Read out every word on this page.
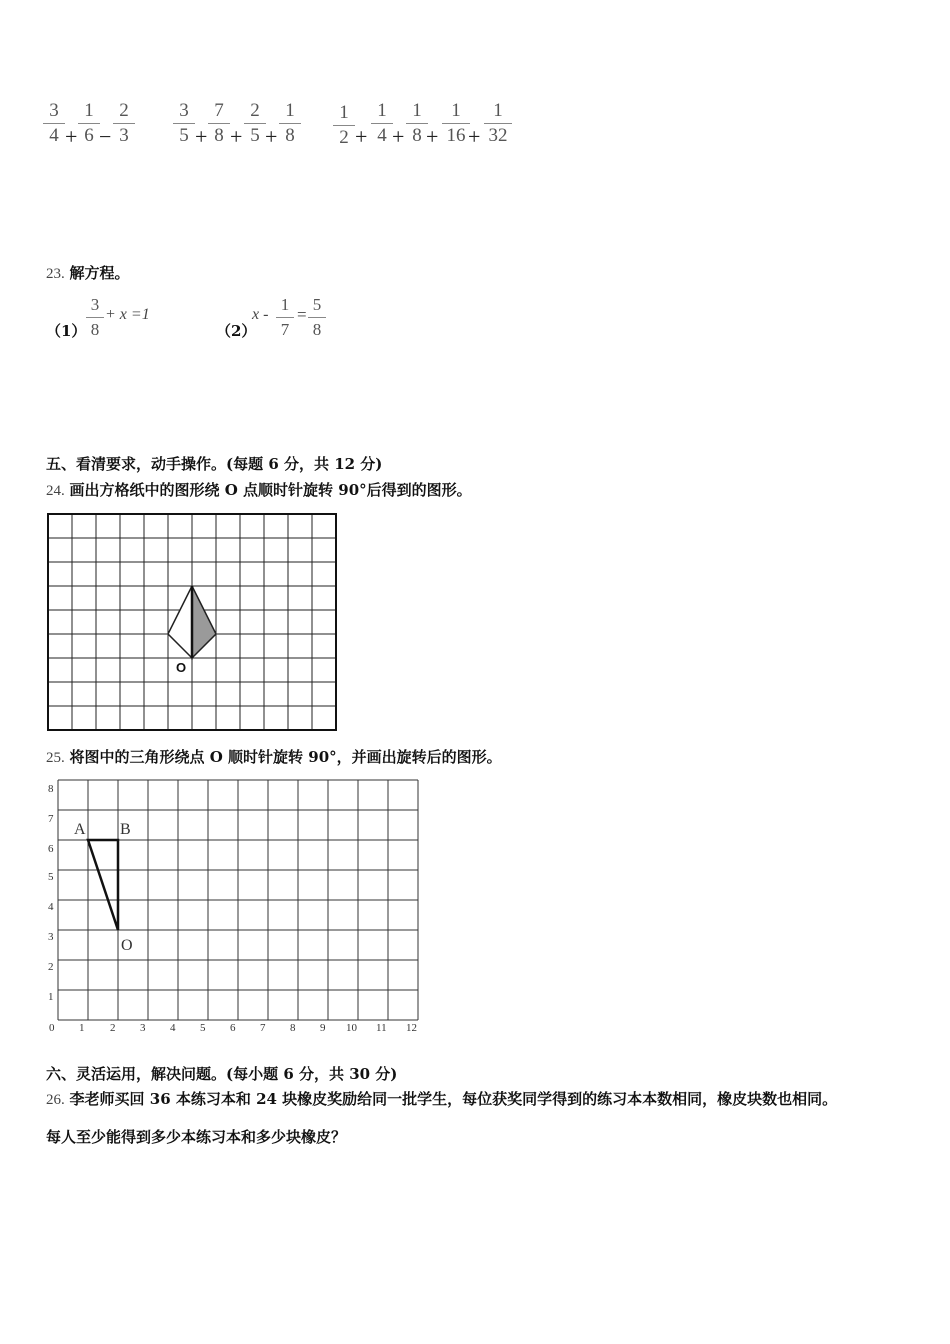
3
4 +
1
6 −
2
3
3
5 +
7
8 +
2
5 +
1
8
1
2 +
1
4 +
1
8 +
1
16 +
1
32
23. 解方程。
（1）
3
8
+ x =1
（2）
x -
1
7
=
5
8
五、看清要求，动手操作。(每题 6 分，共 12 分)
24. 画出方格纸中的图形绕 O 点顺时针旋转 90°后得到的图形。
O
25. 将图中的三角形绕点 O 顺时针旋转 90°，并画出旋转后的图形。
A B
O
0 1 2 3 4 5 6 7 8 9 10 11 12
1
2
3
4
5
6
7
8
六、灵活运用，解决问题。(每小题 6 分，共 30 分)
26. 李老师买回 36 本练习本和 24 块橡皮奖励给同一批学生，每位获奖同学得到的练习本本数相同，橡皮块数也相同。
每人至少能得到多少本练习本和多少块橡皮？
